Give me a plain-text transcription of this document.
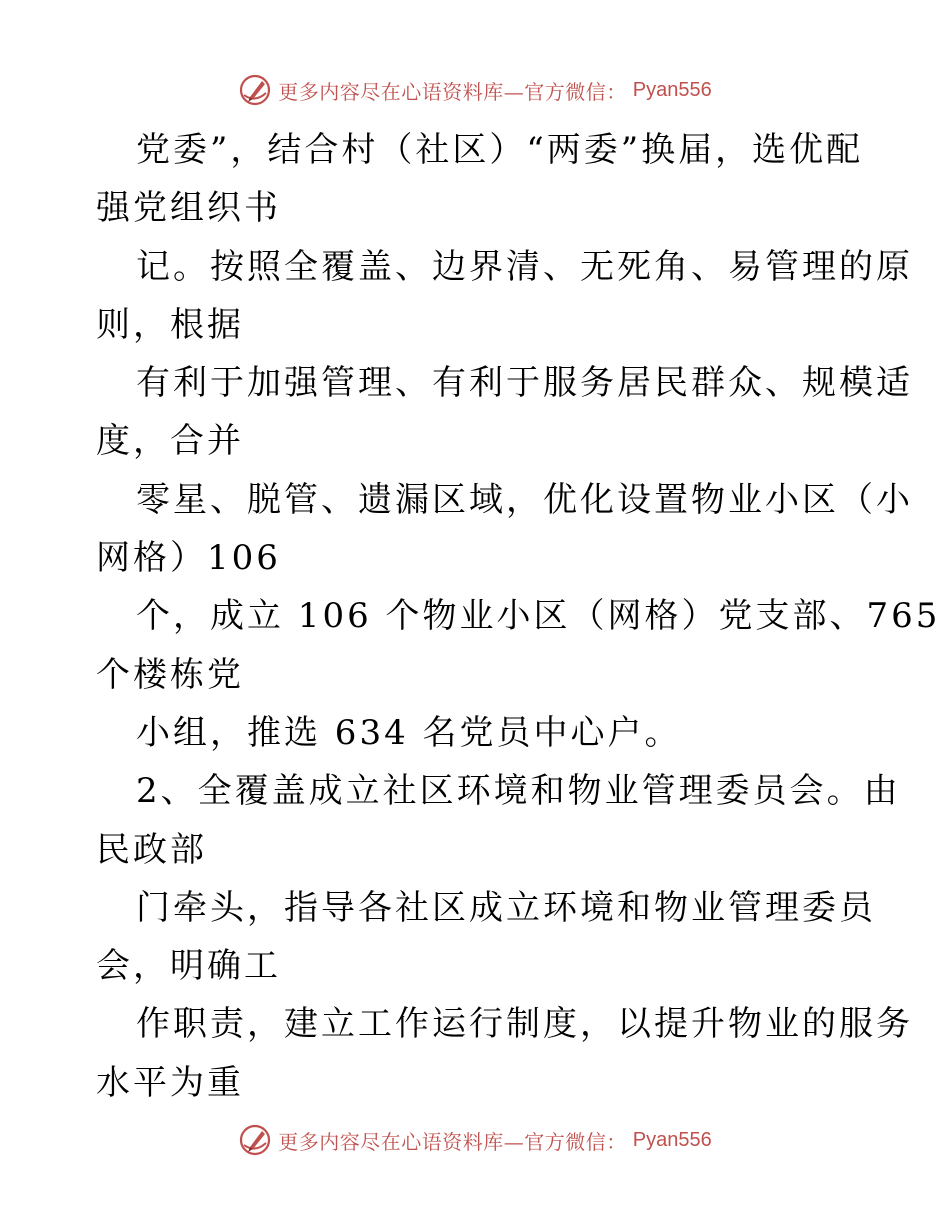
更多内容尽在心语资料库—官方微信： Pyan556
党委”，结合村（社区）“两委”换届，选优配
强党组织书
记。按照全覆盖、边界清、无死角、易管理的原
则，根据
有利于加强管理、有利于服务居民群众、规模适
度，合并
零星、脱管、遗漏区域，优化设置物业小区（小
网格）106
个，成立 106 个物业小区（网格）党支部、765
个楼栋党
小组，推选 634 名党员中心户。
2、全覆盖成立社区环境和物业管理委员会。由
民政部
门牵头，指导各社区成立环境和物业管理委员
会，明确工
作职责，建立工作运行制度，以提升物业的服务
水平为重
更多内容尽在心语资料库—官方微信： Pyan556
